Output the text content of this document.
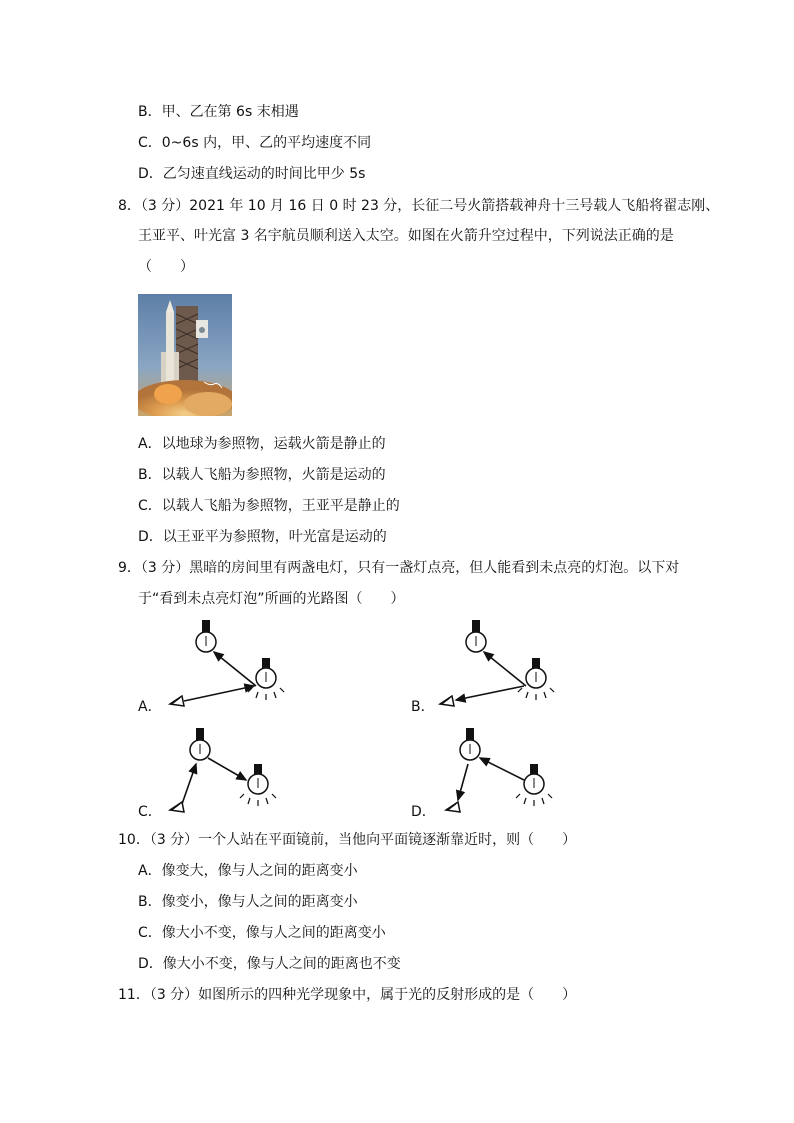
B．甲、乙在第 6s 末相遇
C．0~6s 内，甲、乙的平均速度不同
D．乙匀速直线运动的时间比甲少 5s
8．（3 分）2021 年 10 月 16 日 0 时 23 分，长征二号火箭搭载神舟十三号载人飞船将翟志刚、
王亚平、叶光富 3 名宇航员顺利送入太空。如图在火箭升空过程中，下列说法正确的是
（　　）
A．以地球为参照物，运载火箭是静止的
B．以载人飞船为参照物，火箭是运动的
C．以载人飞船为参照物，王亚平是静止的
D．以王亚平为参照物，叶光富是运动的
9．（3 分）黑暗的房间里有两盏电灯，只有一盏灯点亮，但人能看到未点亮的灯泡。以下对
于“看到未点亮灯泡”所画的光路图（　　）
A．	B．
C．	D．
10．（3 分）一个人站在平面镜前，当他向平面镜逐渐靠近时，则（　　）
A．像变大，像与人之间的距离变小
B．像变小，像与人之间的距离变小
C．像大小不变，像与人之间的距离变小
D．像大小不变，像与人之间的距离也不变
11．（3 分）如图所示的四种光学现象中，属于光的反射形成的是（　　）
